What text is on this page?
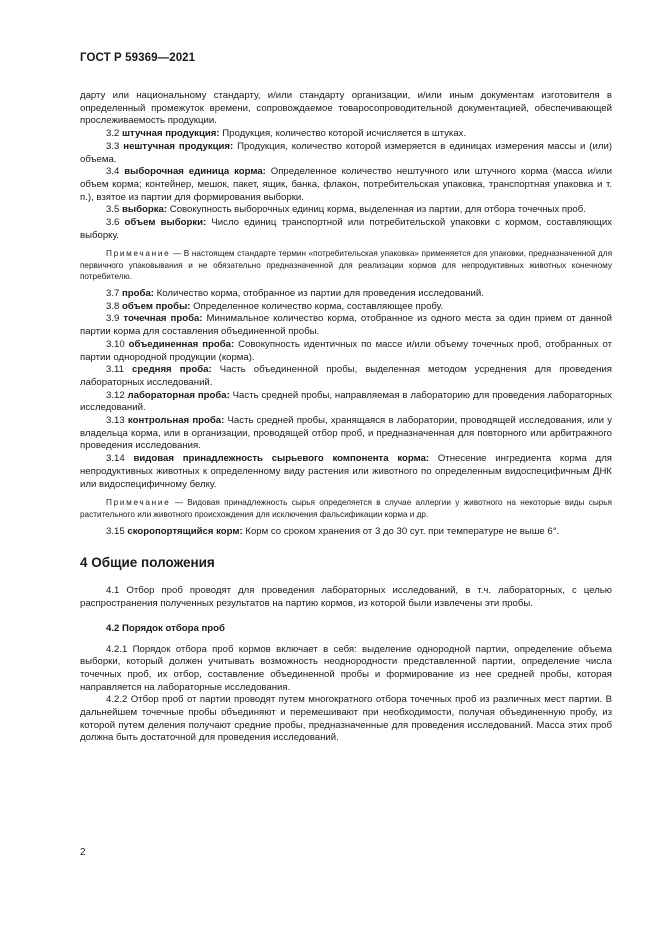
ГОСТ Р 59369—2021

дарту или национальному стандарту, и/или стандарту организации, и/или иным документам изготовителя в определенный промежуток времени, сопровождаемое товаросопроводительной документацией, обеспечивающей прослеживаемость продукции.

3.2 штучная продукция: Продукция, количество которой исчисляется в штуках.

3.3 нештучная продукция: Продукция, количество которой измеряется в единицах измерения массы и (или) объема.

3.4 выборочная единица корма: Определенное количество нештучного или штучного корма (масса и/или объем корма; контейнер, мешок, пакет, ящик, банка, флакон, потребительская упаковка, транспортная упаковка и т. п.), взятое из партии для формирования выборки.

3.5 выборка: Совокупность выборочных единиц корма, выделенная из партии, для отбора точечных проб.

3.6 объем выборки: Число единиц транспортной или потребительской упаковки с кормом, составляющих выборку.

Примечание — В настоящем стандарте термин «потребительская упаковка» применяется для упаковки, предназначенной для первичного упаковывания и не обязательно предназначенной для реализации кормов для непродуктивных животных конечному потребителю.

3.7 проба: Количество корма, отобранное из партии для проведения исследований.

3.8 объем пробы: Определенное количество корма, составляющее пробу.

3.9 точечная проба: Минимальное количество корма, отобранное из одного места за один прием от данной партии корма для составления объединенной пробы.

3.10 объединенная проба: Совокупность идентичных по массе и/или объему точечных проб, отобранных от партии однородной продукции (корма).

3.11 средняя проба: Часть объединенной пробы, выделенная методом усреднения для проведения лабораторных исследований.

3.12 лабораторная проба: Часть средней пробы, направляемая в лабораторию для проведения лабораторных исследований.

3.13 контрольная проба: Часть средней пробы, хранящаяся в лаборатории, проводящей исследования, или у владельца корма, или в организации, проводящей отбор проб, и предназначенная для повторного или арбитражного проведения исследования.

3.14 видовая принадлежность сырьевого компонента корма: Отнесение ингредиента корма для непродуктивных животных к определенному виду растения или животного по определенным видоспецифичным ДНК или видоспецифичному белку.

Примечание — Видовая принадлежность сырья определяется в случае аллергии у животного на некоторые виды сырья растительного или животного происхождения для исключения фальсификации корма и др.

3.15 скоропортящийся корм: Корм со сроком хранения от 3 до 30 сут. при температуре не выше 6°.

4 Общие положения

4.1 Отбор проб проводят для проведения лабораторных исследований, в т.ч. лабораторных, с целью распространения полученных результатов на партию кормов, из которой были извлечены эти пробы.

4.2 Порядок отбора проб

4.2.1 Порядок отбора проб кормов включает в себя: выделение однородной партии, определение объема выборки, который должен учитывать возможность неоднородности представленной партии, определение числа точечных проб, их отбор, составление объединенной пробы и формирование из нее средней пробы, которая направляется на лабораторные исследования.

4.2.2 Отбор проб от партии проводят путем многократного отбора точечных проб из различных мест партии. В дальнейшем точечные пробы объединяют и перемешивают при необходимости, получая объединенную пробу, из которой путем деления получают средние пробы, предназначенные для проведения исследований. Масса этих проб должна быть достаточной для проведения исследований.

2
